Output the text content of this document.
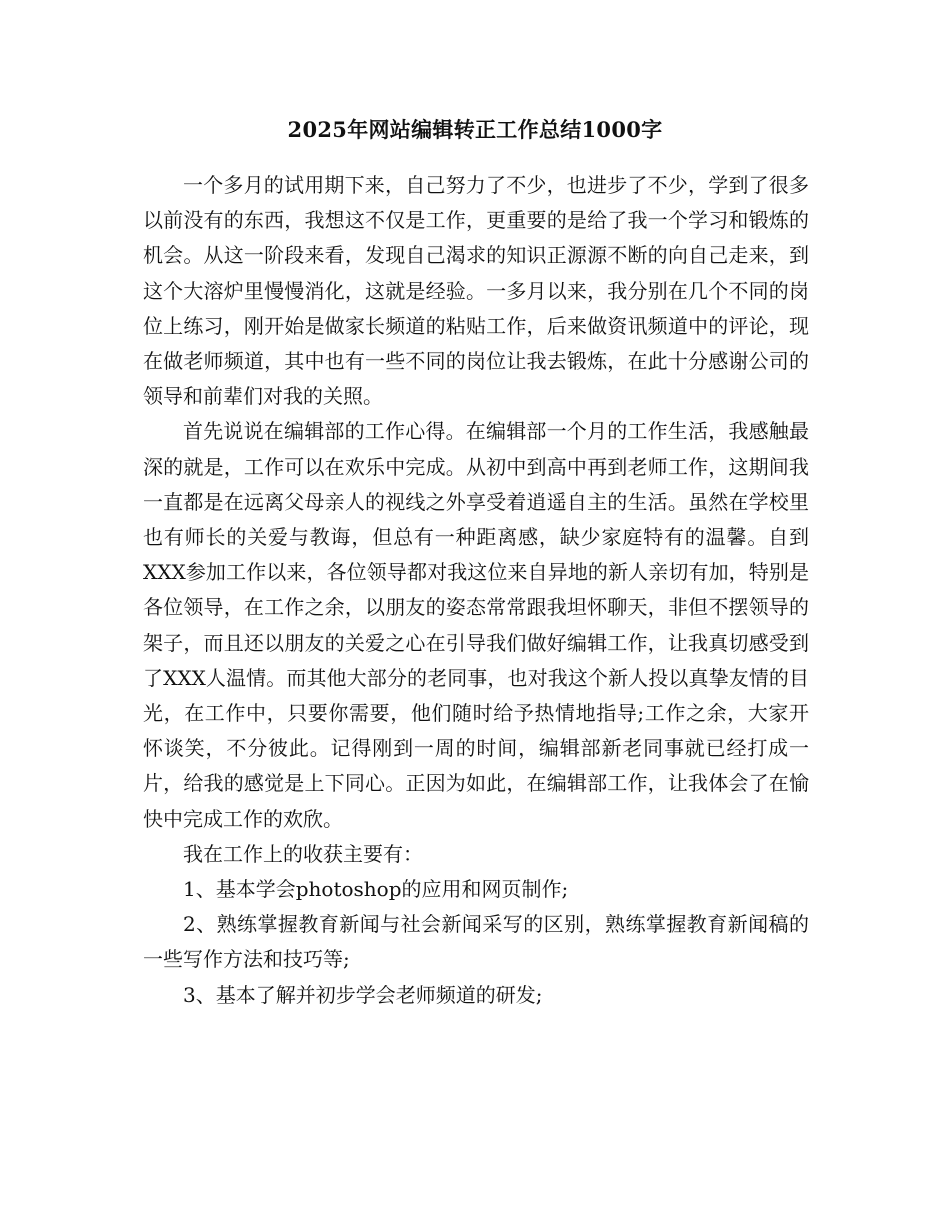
2025年网站编辑转正工作总结1000字

一个多月的试用期下来，自己努力了不少，也进步了不少，学到了很多以前没有的东西，我想这不仅是工作，更重要的是给了我一个学习和锻炼的机会。从这一阶段来看，发现自己渴求的知识正源源不断的向自己走来，到这个大溶炉里慢慢消化，这就是经验。一多月以来，我分别在几个不同的岗位上练习，刚开始是做家长频道的粘贴工作，后来做资讯频道中的评论，现在做老师频道，其中也有一些不同的岗位让我去锻炼，在此十分感谢公司的领导和前辈们对我的关照。

首先说说在编辑部的工作心得。在编辑部一个月的工作生活，我感触最深的就是，工作可以在欢乐中完成。从初中到高中再到老师工作，这期间我一直都是在远离父母亲人的视线之外享受着逍遥自主的生活。虽然在学校里也有师长的关爱与教诲，但总有一种距离感，缺少家庭特有的温馨。自到XXX参加工作以来，各位领导都对我这位来自异地的新人亲切有加，特别是各位领导，在工作之余，以朋友的姿态常常跟我坦怀聊天，非但不摆领导的架子，而且还以朋友的关爱之心在引导我们做好编辑工作，让我真切感受到了XXX人温情。而其他大部分的老同事，也对我这个新人投以真挚友情的目光，在工作中，只要你需要，他们随时给予热情地指导;工作之余，大家开怀谈笑，不分彼此。记得刚到一周的时间，编辑部新老同事就已经打成一片，给我的感觉是上下同心。正因为如此，在编辑部工作，让我体会了在愉快中完成工作的欢欣。

我在工作上的收获主要有：

1、基本学会photoshop的应用和网页制作;

2、熟练掌握教育新闻与社会新闻采写的区别，熟练掌握教育新闻稿的一些写作方法和技巧等;

3、基本了解并初步学会老师频道的研发;
